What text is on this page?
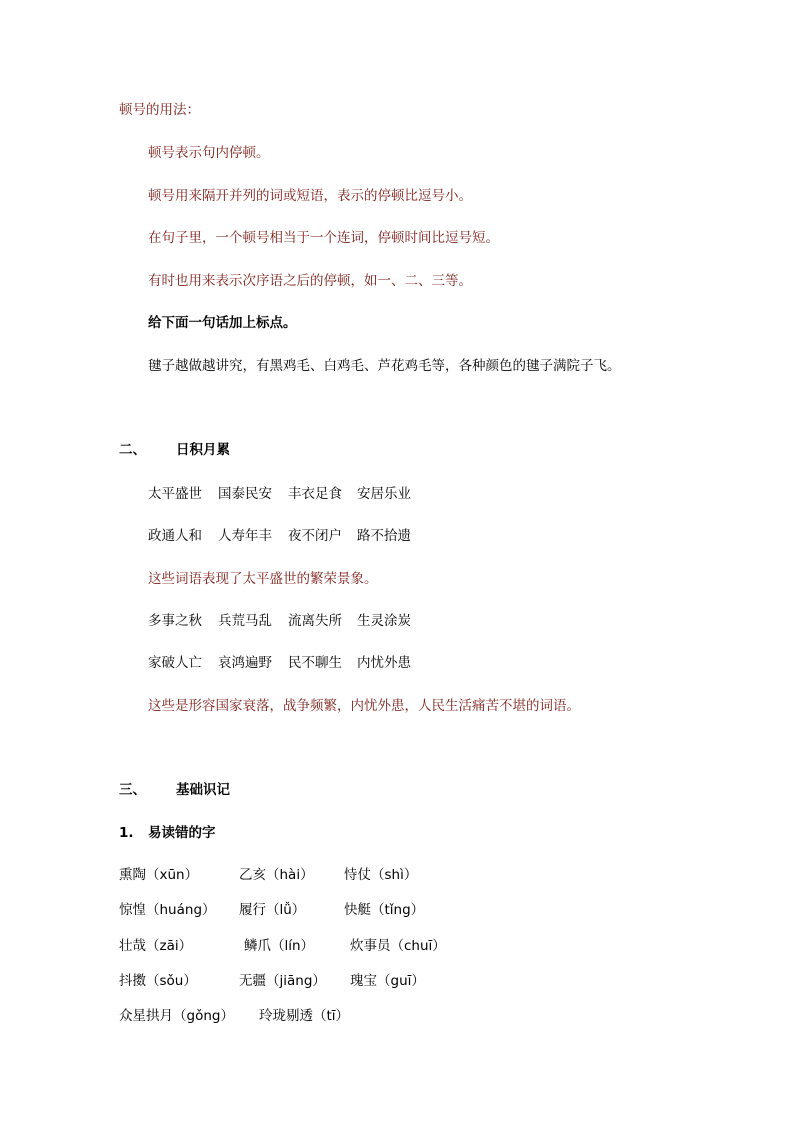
顿号的用法：
顿号表示句内停顿。
顿号用来隔开并列的词或短语，表示的停顿比逗号小。
在句子里，一个顿号相当于一个连词，停顿时间比逗号短。
有时也用来表示次序语之后的停顿，如一、二、三等。
给下面一句话加上标点。
毽子越做越讲究，有黑鸡毛、白鸡毛、芦花鸡毛等，各种颜色的毽子满院子飞。
二、 日积月累
太平盛世 国泰民安 丰衣足食 安居乐业
政通人和 人寿年丰 夜不闭户 路不拾遗
这些词语表现了太平盛世的繁荣景象。
多事之秋 兵荒马乱 流离失所 生灵涂炭
家破人亡 哀鸿遍野 民不聊生 内忧外患
这些是形容国家衰落，战争频繁，内忧外患，人民生活痛苦不堪的词语。
三、 基础识记
1. 易读错的字
熏陶（xūn）	乙亥（hài） 恃仗（shì）
惊惶（huáng） 履行（lǚ）	快艇（tǐng）
壮哉（zāi）	鳞爪（lín）	炊事员（chuī）
抖擞（sǒu）	无疆（jiāng） 瑰宝（guī）
众星拱月（gǒng） 玲珑剔透（tī）
